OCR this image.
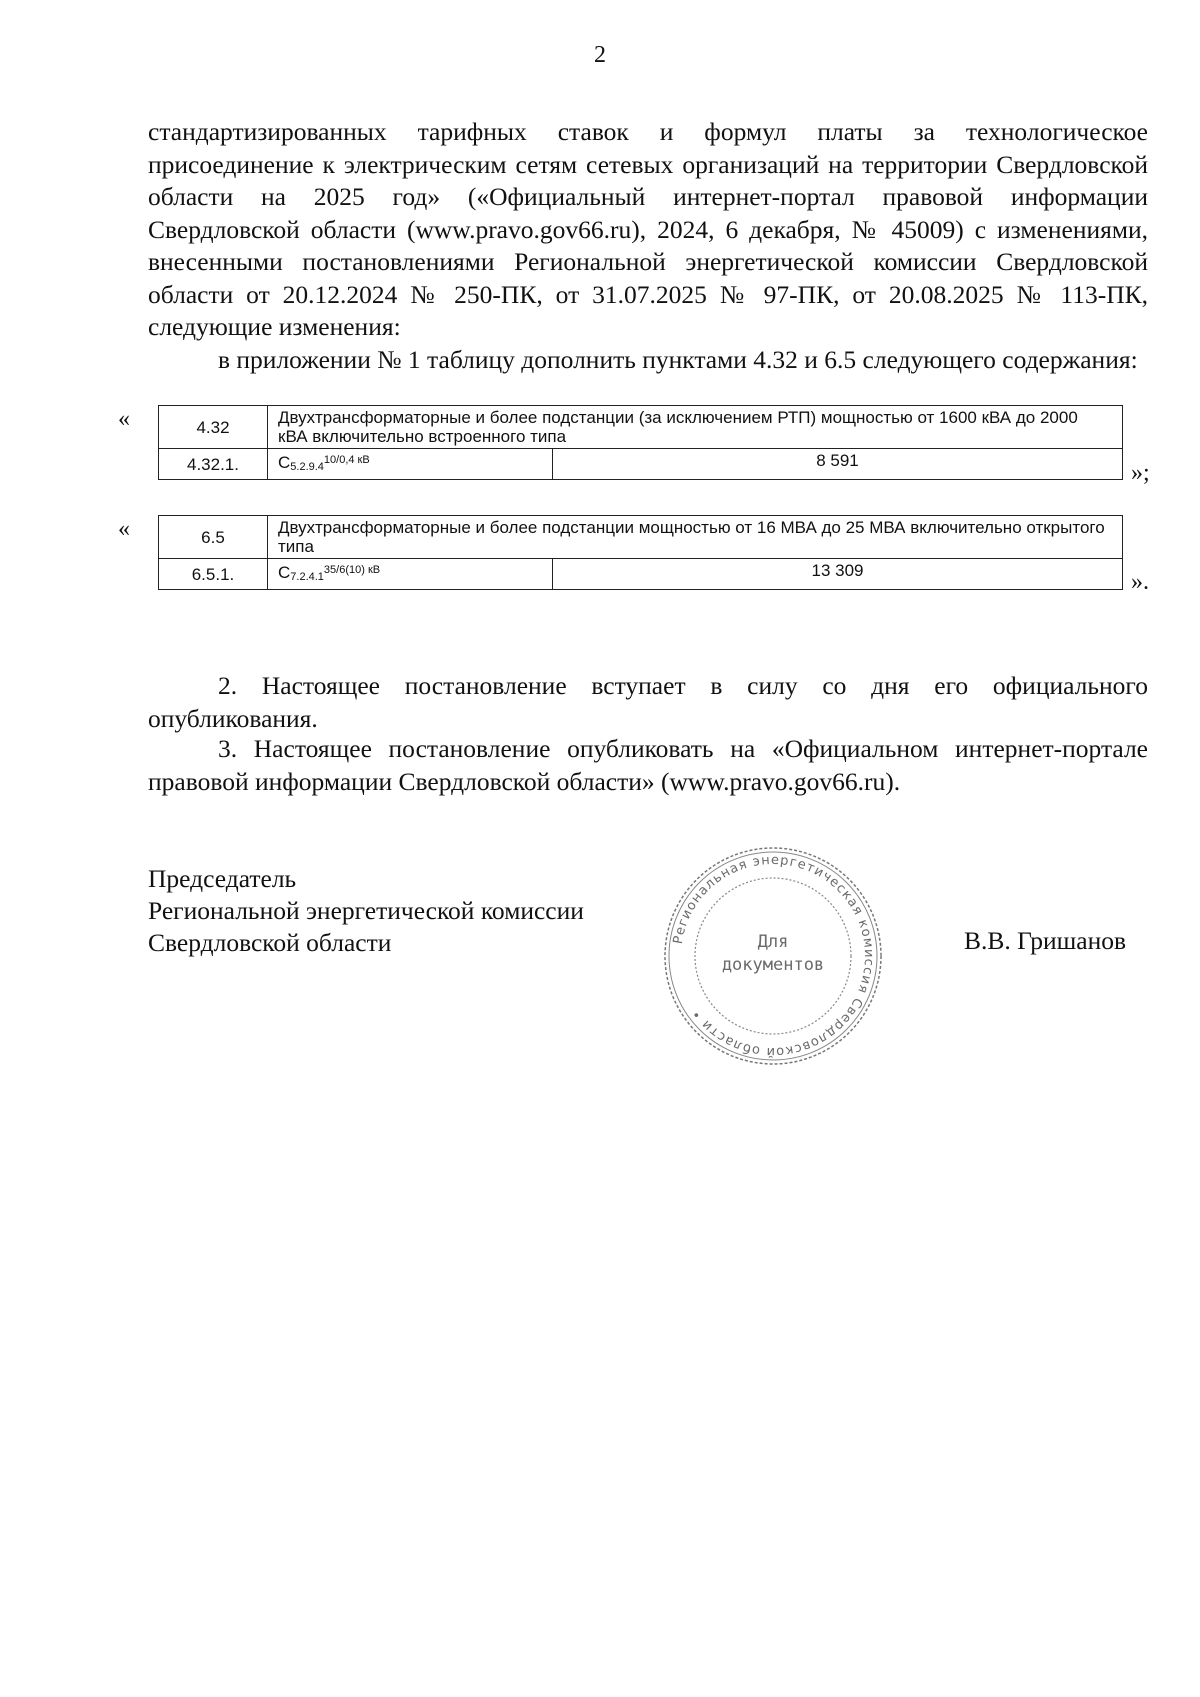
2

стандартизированных тарифных ставок и формул платы за технологическое присоединение к электрическим сетям сетевых организаций на территории Свердловской области на 2025 год» («Официальный интернет-портал правовой информации Свердловской области (www.pravo.gov66.ru), 2024, 6 декабря, № 45009) с изменениями, внесенными постановлениями Региональной энергетической комиссии Свердловской области от 20.12.2024 № 250-ПК, от 31.07.2025 № 97-ПК, от 20.08.2025 № 113-ПК, следующие изменения:

в приложении № 1 таблицу дополнить пунктами 4.32 и 6.5 следующего содержания:

«	4.32	Двухтрансформаторные и более подстанции (за исключением РТП) мощностью от 1600 кВА до 2000 кВА включительно встроенного типа	
4.32.1.	$С_{5.2.9.4}^{10/0,4 кВ}$	8 591	»;
«	6.5	Двухтрансформаторные и более подстанции мощностью от 16 МВА до 25 МВА включительно открытого типа	
6.5.1.	$С_{7.2.4.1}^{35/6(10) кВ}$	13 309	».

2. Настоящее постановление вступает в силу со дня его официального опубликования.

3. Настоящее постановление опубликовать на «Официальном интернет-портале правовой информации Свердловской области» (www.pravo.gov66.ru).

Председатель
Региональной энергетической комиссии
Свердловской области	В.В. Гришанов
Региональная энергетическая комиссия Свердловской области •
Для
документов
